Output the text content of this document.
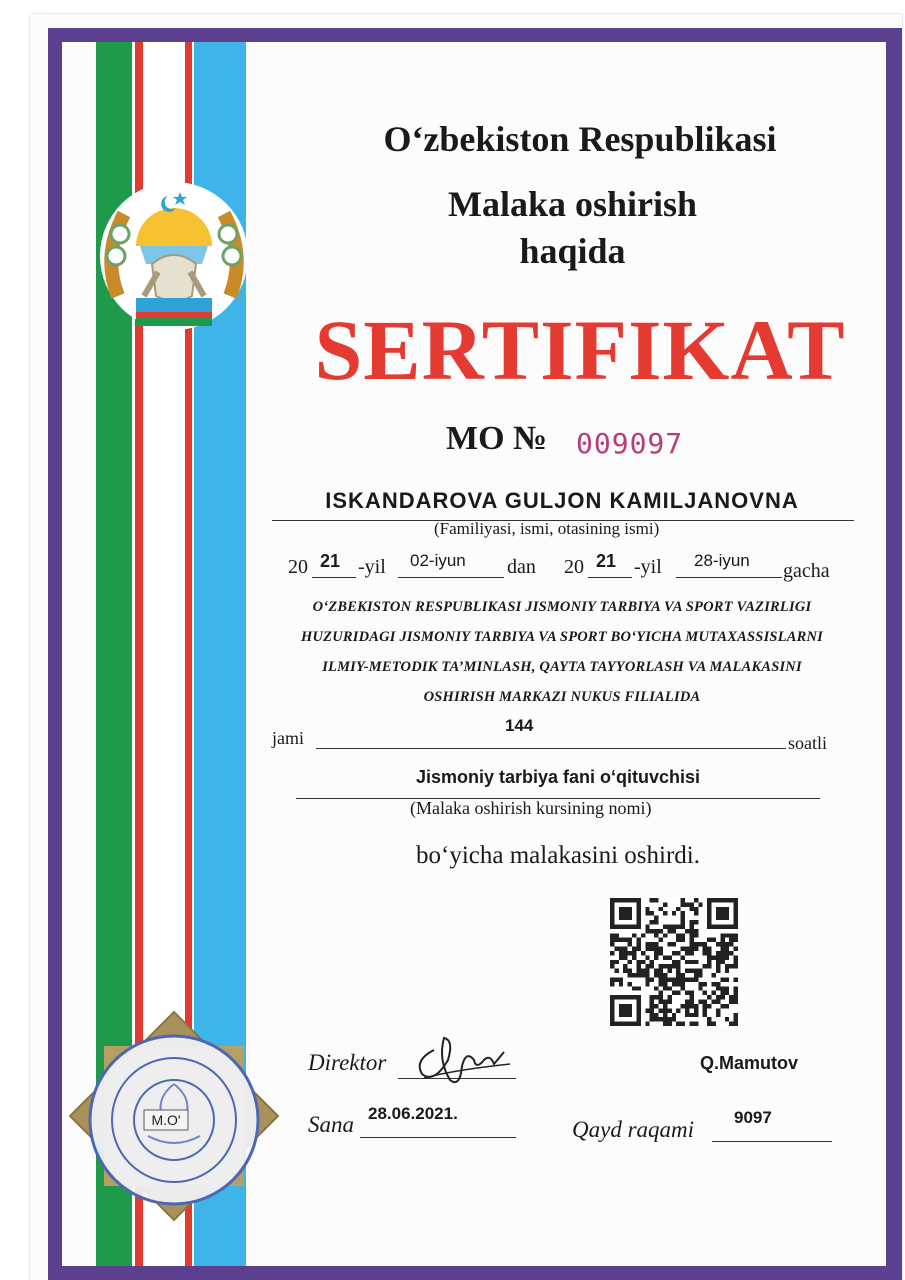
O‘zbekiston Respublikasi
Malaka oshirish
haqida
SERTIFIKAT
MO № 009097
ISKANDAROVA GULJON KAMILJANOVNA
(Familiyasi, ismi, otasining ismi)
20 21 -yil 02-iyun dan 20 21 -yil 28-iyun gacha
O‘ZBEKISTON RESPUBLIKASI JISMONIY TARBIYA VA SPORT VAZIRLIGI
HUZURIDAGI JISMONIY TARBIYA VA SPORT BO‘YICHA MUTAXASSISLARNI
ILMIY-METODIK TA’MINLASH, QAYTA TAYYORLASH VA MALAKASINI
OSHIRISH MARKAZI NUKUS FILIALIDA
jami
144
soatli
Jismoniy tarbiya fani o‘qituvchisi
(Malaka oshirish kursining nomi)
bo‘yicha malakasini oshirdi.
Direktor	Q.Mamutov
Sana 28.06.2021.
Qayd raqami 9097
M.O'
